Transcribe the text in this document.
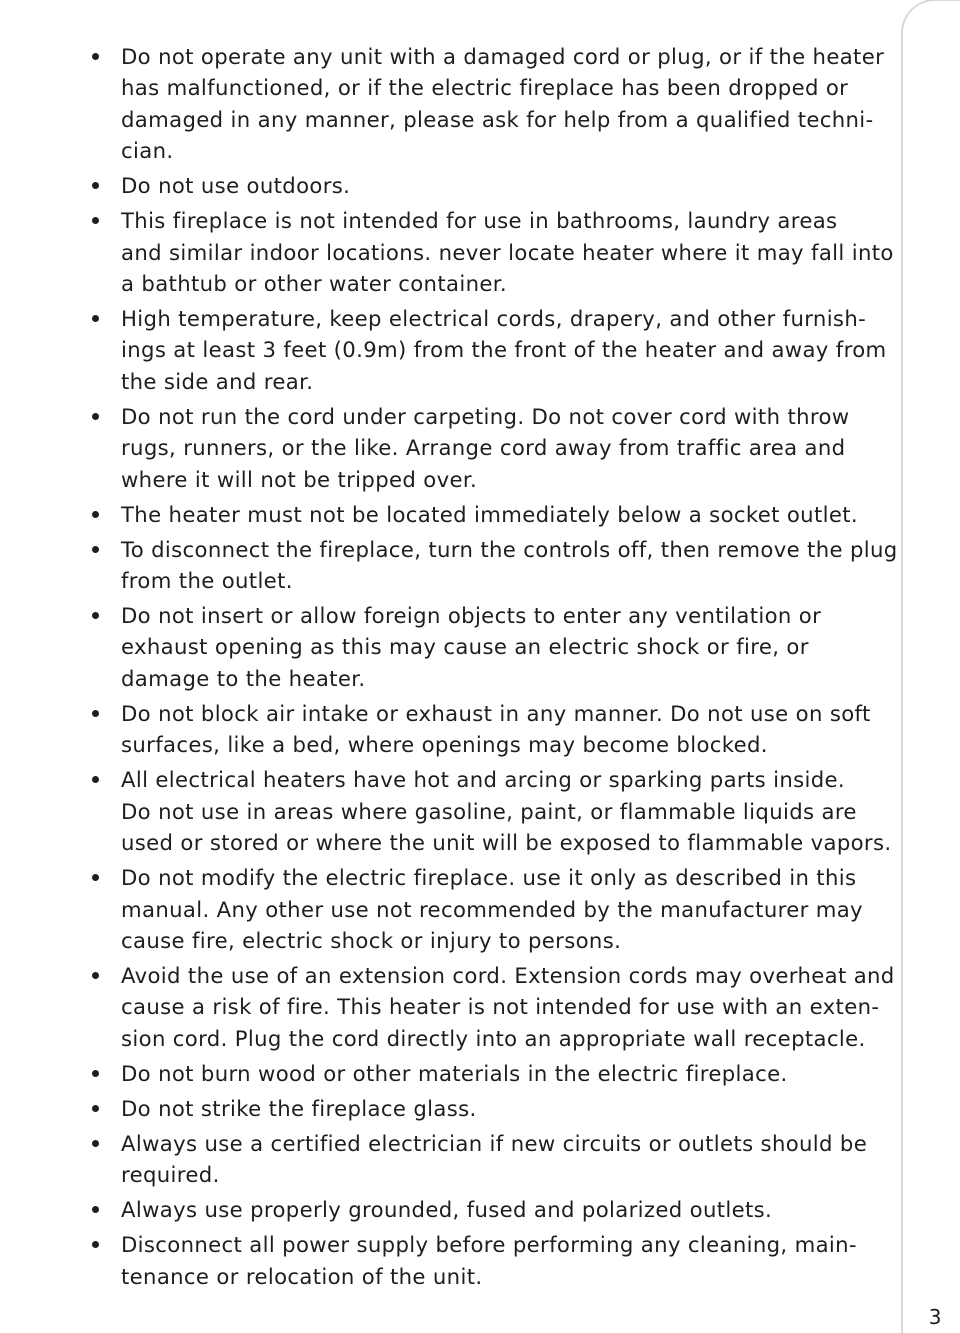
Do not operate any unit with a damaged cord or plug, or if the heater
has malfunctioned, or if the electric fireplace has been dropped or
damaged in any manner, please ask for help from a qualified techni-
cian.
Do not use outdoors.
This fireplace is not intended for use in bathrooms, laundry areas
and similar indoor locations. never locate heater where it may fall into
a bathtub or other water container.
High temperature, keep electrical cords, drapery, and other furnish-
ings at least 3 feet (0.9m) from the front of the heater and away from
the side and rear.
Do not run the cord under carpeting. Do not cover cord with throw
rugs, runners, or the like. Arrange cord away from traffic area and
where it will not be tripped over.
The heater must not be located immediately below a socket outlet.
To disconnect the fireplace, turn the controls off, then remove the plug
from the outlet.
Do not insert or allow foreign objects to enter any ventilation or
exhaust opening as this may cause an electric shock or fire, or
damage to the heater.
Do not block air intake or exhaust in any manner. Do not use on soft
surfaces, like a bed, where openings may become blocked.
All electrical heaters have hot and arcing or sparking parts inside.
Do not use in areas where gasoline, paint, or flammable liquids are
used or stored or where the unit will be exposed to flammable vapors.
Do not modify the electric fireplace. use it only as described in this
manual. Any other use not recommended by the manufacturer may
cause fire, electric shock or injury to persons.
Avoid the use of an extension cord. Extension cords may overheat and
cause a risk of fire. This heater is not intended for use with an exten-
sion cord. Plug the cord directly into an appropriate wall receptacle.
Do not burn wood or other materials in the electric fireplace.
Do not strike the fireplace glass.
Always use a certified electrician if new circuits or outlets should be
required.
Always use properly grounded, fused and polarized outlets.
Disconnect all power supply before performing any cleaning, main-
tenance or relocation of the unit.
3
